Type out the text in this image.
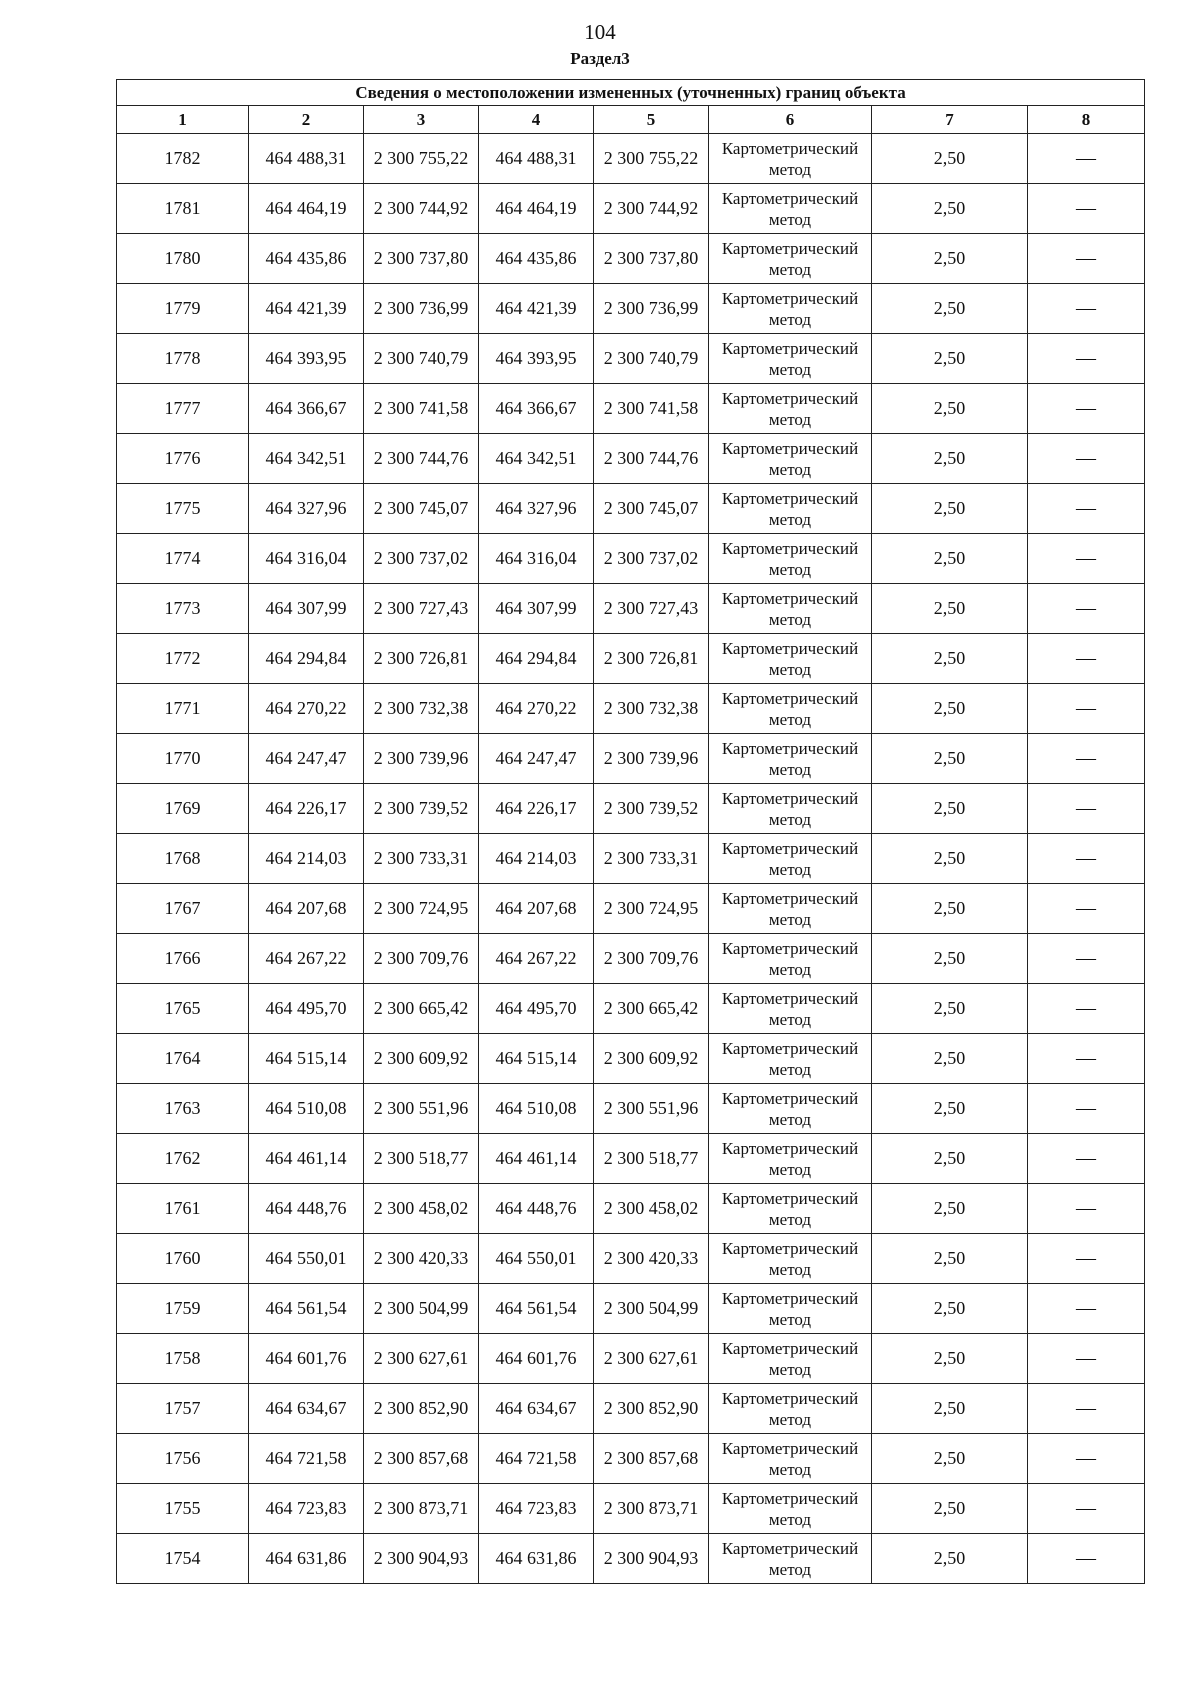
104
Раздел3
Сведения о местоположении измененных (уточненных) границ объекта							
1	2	3	4	5	6	7	8
1782	464 488,31	2 300 755,22	464 488,31	2 300 755,22	Картометрический метод	2,50	—
1781	464 464,19	2 300 744,92	464 464,19	2 300 744,92	Картометрический метод	2,50	—
1780	464 435,86	2 300 737,80	464 435,86	2 300 737,80	Картометрический метод	2,50	—
1779	464 421,39	2 300 736,99	464 421,39	2 300 736,99	Картометрический метод	2,50	—
1778	464 393,95	2 300 740,79	464 393,95	2 300 740,79	Картометрический метод	2,50	—
1777	464 366,67	2 300 741,58	464 366,67	2 300 741,58	Картометрический метод	2,50	—
1776	464 342,51	2 300 744,76	464 342,51	2 300 744,76	Картометрический метод	2,50	—
1775	464 327,96	2 300 745,07	464 327,96	2 300 745,07	Картометрический метод	2,50	—
1774	464 316,04	2 300 737,02	464 316,04	2 300 737,02	Картометрический метод	2,50	—
1773	464 307,99	2 300 727,43	464 307,99	2 300 727,43	Картометрический метод	2,50	—
1772	464 294,84	2 300 726,81	464 294,84	2 300 726,81	Картометрический метод	2,50	—
1771	464 270,22	2 300 732,38	464 270,22	2 300 732,38	Картометрический метод	2,50	—
1770	464 247,47	2 300 739,96	464 247,47	2 300 739,96	Картометрический метод	2,50	—
1769	464 226,17	2 300 739,52	464 226,17	2 300 739,52	Картометрический метод	2,50	—
1768	464 214,03	2 300 733,31	464 214,03	2 300 733,31	Картометрический метод	2,50	—
1767	464 207,68	2 300 724,95	464 207,68	2 300 724,95	Картометрический метод	2,50	—
1766	464 267,22	2 300 709,76	464 267,22	2 300 709,76	Картометрический метод	2,50	—
1765	464 495,70	2 300 665,42	464 495,70	2 300 665,42	Картометрический метод	2,50	—
1764	464 515,14	2 300 609,92	464 515,14	2 300 609,92	Картометрический метод	2,50	—
1763	464 510,08	2 300 551,96	464 510,08	2 300 551,96	Картометрический метод	2,50	—
1762	464 461,14	2 300 518,77	464 461,14	2 300 518,77	Картометрический метод	2,50	—
1761	464 448,76	2 300 458,02	464 448,76	2 300 458,02	Картометрический метод	2,50	—
1760	464 550,01	2 300 420,33	464 550,01	2 300 420,33	Картометрический метод	2,50	—
1759	464 561,54	2 300 504,99	464 561,54	2 300 504,99	Картометрический метод	2,50	—
1758	464 601,76	2 300 627,61	464 601,76	2 300 627,61	Картометрический метод	2,50	—
1757	464 634,67	2 300 852,90	464 634,67	2 300 852,90	Картометрический метод	2,50	—
1756	464 721,58	2 300 857,68	464 721,58	2 300 857,68	Картометрический метод	2,50	—
1755	464 723,83	2 300 873,71	464 723,83	2 300 873,71	Картометрический метод	2,50	—
1754	464 631,86	2 300 904,93	464 631,86	2 300 904,93	Картометрический метод	2,50	—
